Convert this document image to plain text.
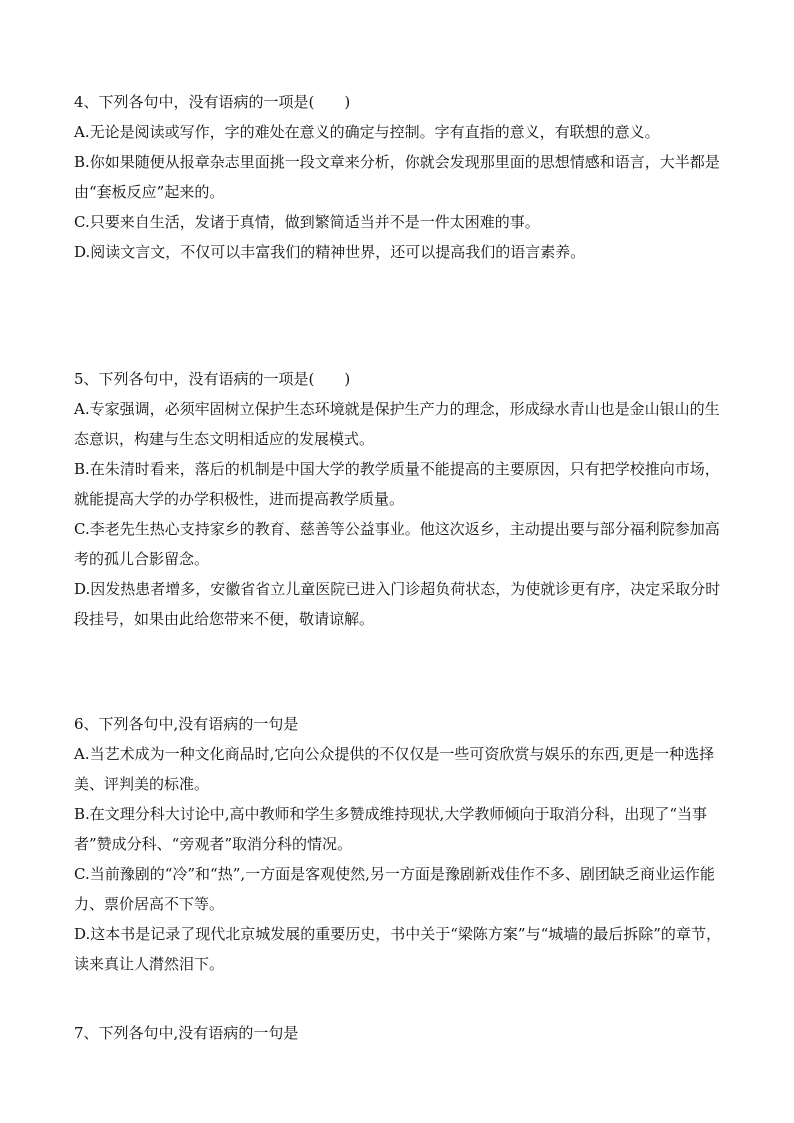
4、下列各句中，没有语病的一项是(　　)
A.无论是阅读或写作，字的难处在意义的确定与控制。字有直指的意义，有联想的意义。
B.你如果随便从报章杂志里面挑一段文章来分析，你就会发现那里面的思想情感和语言，大半都是由“套板反应”起来的。
C.只要来自生活，发诸于真情，做到繁简适当并不是一件太困难的事。
D.阅读文言文，不仅可以丰富我们的精神世界，还可以提高我们的语言素养。
5、下列各句中，没有语病的一项是(　　)
A.专家强调，必须牢固树立保护生态环境就是保护生产力的理念，形成绿水青山也是金山银山的生态意识，构建与生态文明相适应的发展模式。
B.在朱清时看来，落后的机制是中国大学的教学质量不能提高的主要原因，只有把学校推向市场，就能提高大学的办学积极性，进而提高教学质量。
C.李老先生热心支持家乡的教育、慈善等公益事业。他这次返乡，主动提出要与部分福利院参加高考的孤儿合影留念。
D.因发热患者增多，安徽省省立儿童医院已进入门诊超负荷状态，为使就诊更有序，决定采取分时段挂号，如果由此给您带来不便，敬请谅解。
6、下列各句中,没有语病的一句是
A.当艺术成为一种文化商品时,它向公众提供的不仅仅是一些可资欣赏与娱乐的东西,更是一种选择美、评判美的标准。
B.在文理分科大讨论中,高中教师和学生多赞成维持现状,大学教师倾向于取消分科，出现了“当事者”赞成分科、“旁观者”取消分科的情况。
C.当前豫剧的“冷”和“热”,一方面是客观使然,另一方面是豫剧新戏佳作不多、剧团缺乏商业运作能力、票价居高不下等。
D.这本书是记录了现代北京城发展的重要历史，书中关于“梁陈方案”与“城墙的最后拆除”的章节，读来真让人潸然泪下。
7、下列各句中,没有语病的一句是
